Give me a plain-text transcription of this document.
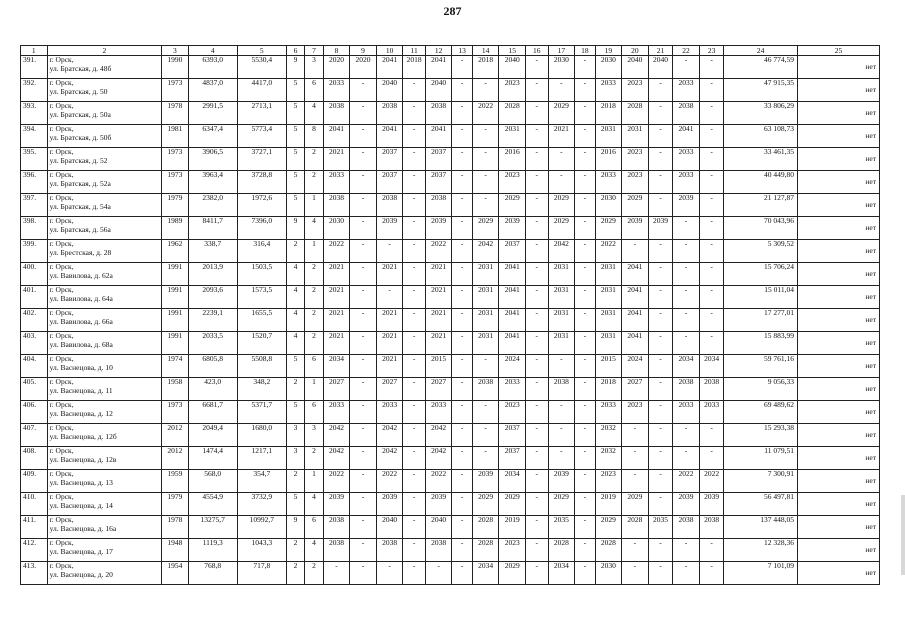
287
1	2	3	4	5	6	7	8	9	10	11	12	13	14	15	16	17	18	19	20	21	22	23	24	25
391.	г. Орск,
ул. Братская, д. 48б	1990	6393,0	5530,4	9	3	2020	2020	2041	2018	2041	-	2018	2040	-	2030	-	2030	2040	2040	-	-	46 774,59	нет
392.	г. Орск,
ул. Братская, д. 50	1973	4837,0	4417,0	5	6	2033	-	2040	-	2040	-	-	2023	-	-	-	2033	2023	-	2033	-	47 915,35	нет
393.	г. Орск,
ул. Братская, д. 50а	1978	2991,5	2713,1	5	4	2038	-	2038	-	2038	-	2022	2028	-	2029	-	2018	2028	-	2038	-	33 806,29	нет
394.	г. Орск,
ул. Братская, д. 50б	1981	6347,4	5773,4	5	8	2041	-	2041	-	2041	-	-	2031	-	2021	-	2031	2031	-	2041	-	63 108,73	нет
395.	г. Орск,
ул. Братская, д. 52	1973	3906,5	3727,1	5	2	2021	-	2037	-	2037	-	-	2016	-	-	-	2016	2023	-	2033	-	33 461,35	нет
396.	г. Орск,
ул. Братская, д. 52а	1973	3963,4	3728,8	5	2	2033	-	2037	-	2037	-	-	2023	-	-	-	2033	2023	-	2033	-	40 449,80	нет
397.	г. Орск,
ул. Братская, д. 54а	1979	2382,0	1972,6	5	1	2038	-	2038	-	2038	-	-	2029	-	2029	-	2030	2029	-	2039	-	21 127,87	нет
398.	г. Орск,
ул. Братская, д. 56а	1989	8411,7	7396,0	9	4	2030	-	2039	-	2039	-	2029	2039	-	2029	-	2029	2039	2039	-	-	70 043,96	нет
399.	г. Орск,
ул. Брестская, д. 28	1962	338,7	316,4	2	1	2022	-	-	-	2022	-	2042	2037	-	2042	-	2022	-	-	-	-	5 309,52	нет
400.	г. Орск,
ул. Вавилова, д. 62а	1991	2013,9	1503,5	4	2	2021	-	2021	-	2021	-	2031	2041	-	2031	-	2031	2041	-	-	-	15 706,24	нет
401.	г. Орск,
ул. Вавилова, д. 64а	1991	2093,6	1573,5	4	2	2021	-	-	-	2021	-	2031	2041	-	2031	-	2031	2041	-	-	-	15 011,04	нет
402.	г. Орск,
ул. Вавилова, д. 66а	1991	2239,1	1655,5	4	2	2021	-	2021	-	2021	-	2031	2041	-	2031	-	2031	2041	-	-	-	17 277,01	нет
403.	г. Орск,
ул. Вавилова, д. 68а	1991	2033,5	1520,7	4	2	2021	-	2021	-	2021	-	2031	2041	-	2031	-	2031	2041	-	-	-	15 883,99	нет
404.	г. Орск,
ул. Васнецова, д. 10	1974	6805,8	5508,8	5	6	2034	-	2021	-	2015	-	-	2024	-	-	-	2015	2024	-	2034	2034	59 761,16	нет
405.	г. Орск,
ул. Васнецова, д. 11	1958	423,0	348,2	2	1	2027	-	2027	-	2027	-	2038	2033	-	2038	-	2018	2027	-	2038	2038	9 056,33	нет
406.	г. Орск,
ул. Васнецова, д. 12	1973	6681,7	5371,7	5	6	2033	-	2033	-	2033	-	-	2023	-	-	-	2033	2023	-	2033	2033	69 489,62	нет
407.	г. Орск,
ул. Васнецова, д. 12б	2012	2049,4	1680,0	3	3	2042	-	2042	-	2042	-	-	2037	-	-	-	2032	-	-	-	-	15 293,38	нет
408.	г. Орск,
ул. Васнецова, д. 12в	2012	1474,4	1217,1	3	2	2042	-	2042	-	2042	-	-	2037	-	-	-	2032	-	-	-	-	11 079,51	нет
409.	г. Орск,
ул. Васнецова, д. 13	1959	568,0	354,7	2	1	2022	-	2022	-	2022	-	2039	2034	-	2039	-	2023	-	-	2022	2022	7 300,91	нет
410.	г. Орск,
ул. Васнецова, д. 14	1979	4554,9	3732,9	5	4	2039	-	2039	-	2039	-	2029	2029	-	2029	-	2019	2029	-	2039	2039	56 497,81	нет
411.	г. Орск,
ул. Васнецова, д. 16а	1978	13275,7	10992,7	9	6	2038	-	2040	-	2040	-	2028	2019	-	2035	-	2029	2028	2035	2038	2038	137 448,05	нет
412.	г. Орск,
ул. Васнецова, д. 17	1948	1119,3	1043,3	2	4	2038	-	2038	-	2038	-	2028	2023	-	2028	-	2028	-	-	-	-	12 328,36	нет
413.	г. Орск,
ул. Васнецова, д. 20	1954	768,8	717,8	2	2	-	-	-	-	-	-	2034	2029	-	2034	-	2030	-	-	-	-	7 101,09	нет
